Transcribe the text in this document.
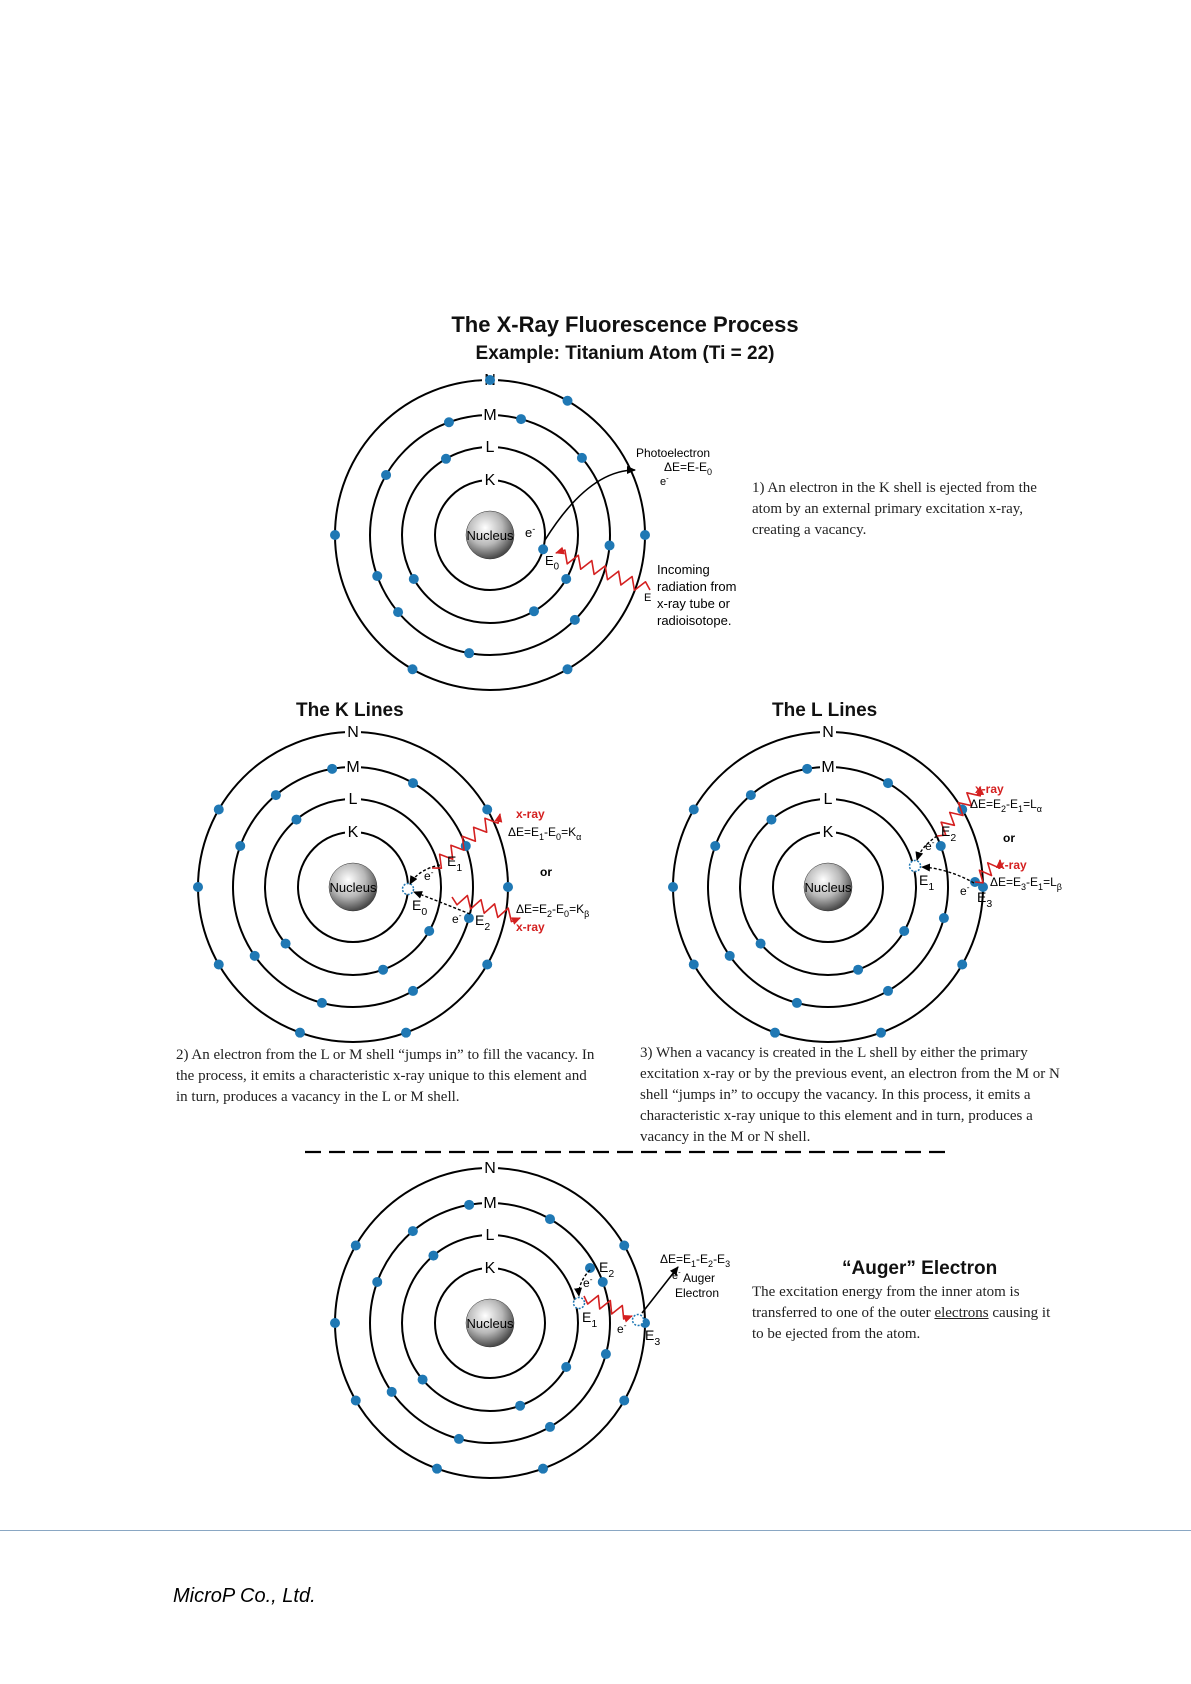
The X-Ray Fluorescence Process
Example: Titanium Atom (Ti = 22)
The K Lines	The L Lines
M
L
K
Nucleus
N
M
L
K
Nucleus
N
M
L
K
Nucleus
N
M
L
K
Nucleus
e-
$E_0$
Photoelectron
$\Delta E=E-E_0$
e-
Incoming
radiation from
x-ray tube or
radioisotope.
E
x-ray
$\Delta E=E_1-E_0=K_\alpha$
or
$\Delta E=E_2-E_0=K_\beta$
x-ray
$E_1$
$E_0$
$E_2$
e-
e-
x-ray
$\Delta E=E_2-E_1=L_\alpha$
or
x-ray
$\Delta E=E_3-E_1=L_\beta$
$E_2$
$E_1$
$E_3$
e-
e-
$E_2$
$E_1$
$E_3$
e-
e-
$\Delta E=E_1-E_2-E_3$
e- Auger
Electron
1) An electron in the K shell is ejected from the atom by an external primary excitation x-ray, creating a vacancy.
2) An electron from the L or M shell “jumps in” to fill the vacancy. In the process, it emits a characteristic x-ray unique to this element and in turn, produces a vacancy in the L or M shell.
3) When a vacancy is created in the L shell by either the primary excitation x-ray or by the previous event, an electron from the M or N shell “jumps in” to occupy the vacancy. In this process, it emits a characteristic x-ray unique to this element and in turn, produces a vacancy in the M or N shell.
“Auger” Electron
The excitation energy from the inner atom is transferred to one of the outer electrons causing it to be ejected from the atom.
MicroP Co., Ltd.
